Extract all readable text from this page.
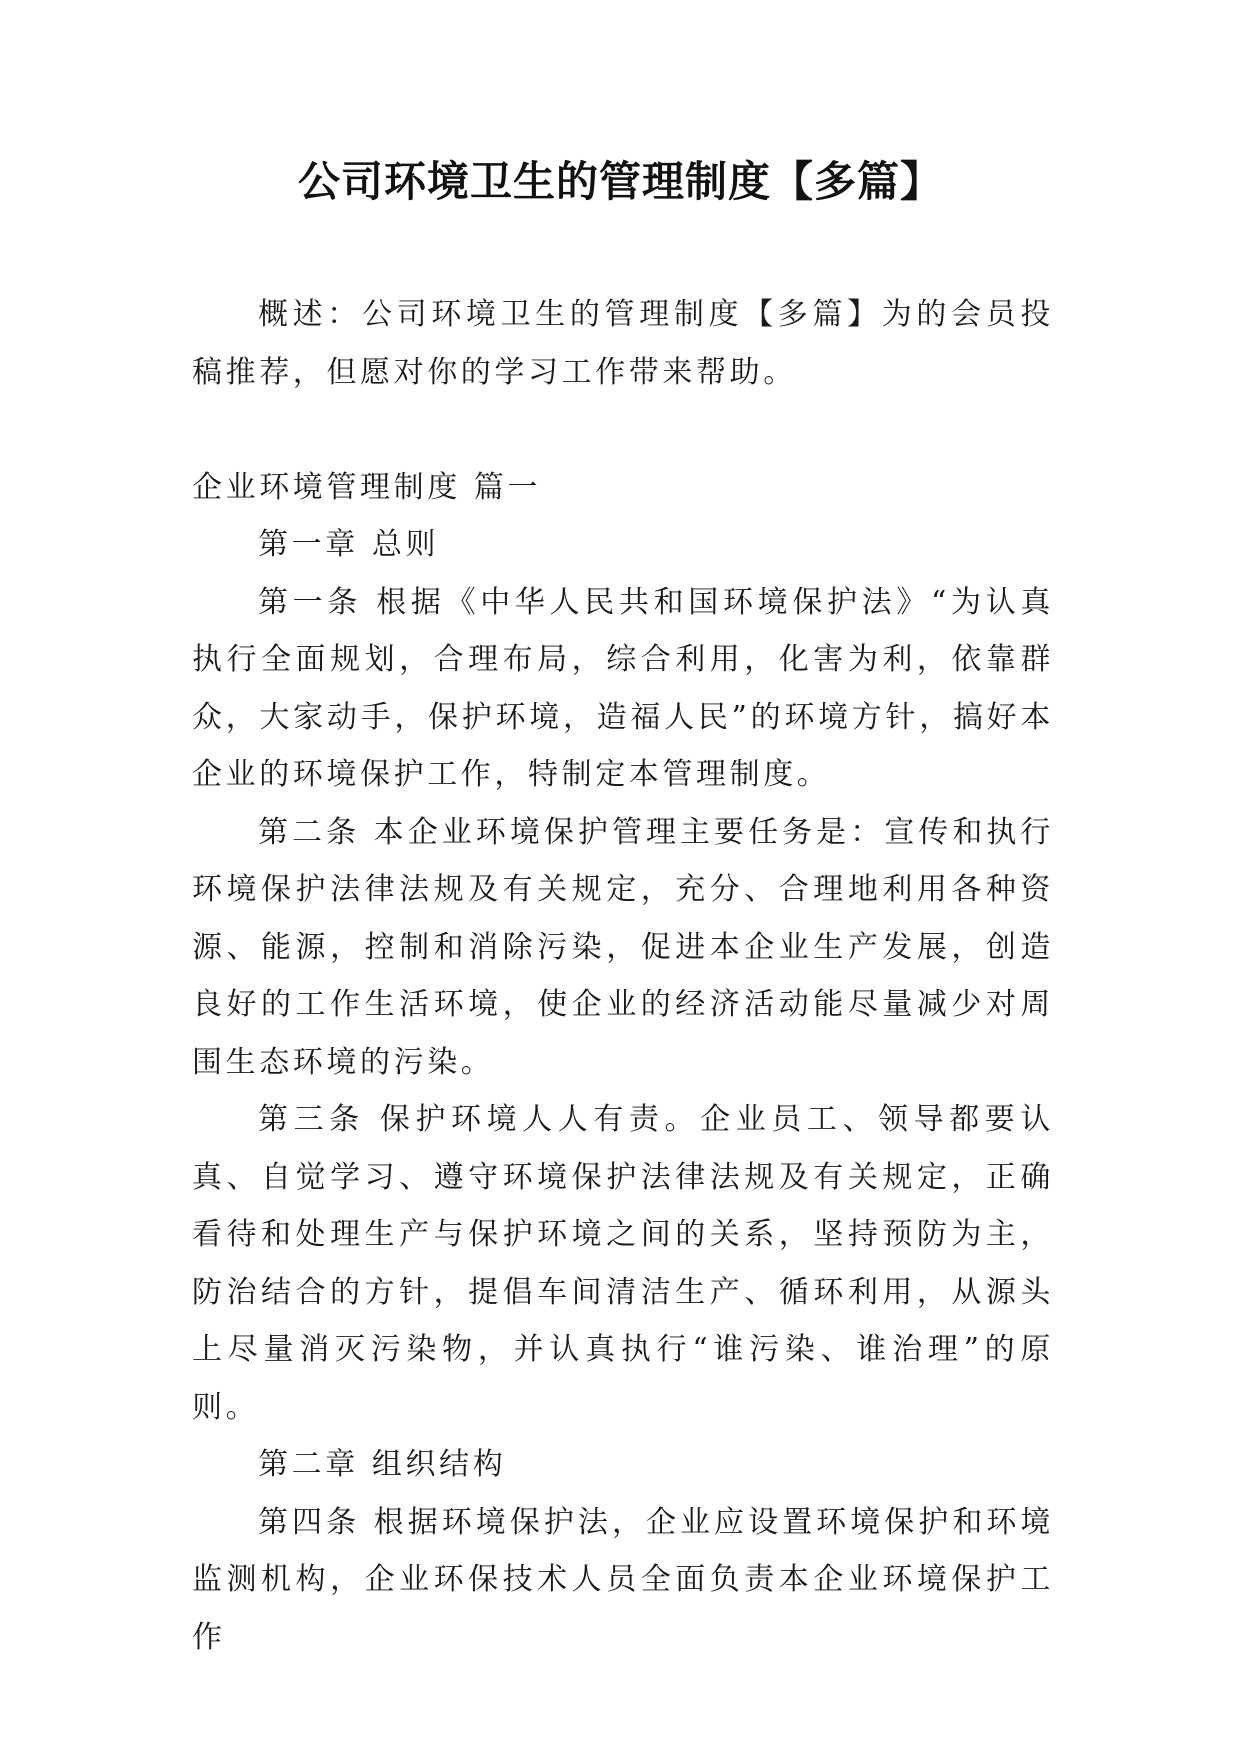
公司环境卫生的管理制度【多篇】

概述：公司环境卫生的管理制度【多篇】为的会员投稿推荐，但愿对你的学习工作带来帮助。

企业环境管理制度 篇一

第一章 总则

第一条 根据《中华人民共和国环境保护法》“为认真执行全面规划，合理布局，综合利用，化害为利，依靠群众，大家动手，保护环境，造福人民”的环境方针，搞好本企业的环境保护工作，特制定本管理制度。

第二条 本企业环境保护管理主要任务是：宣传和执行环境保护法律法规及有关规定，充分、合理地利用各种资源、能源，控制和消除污染，促进本企业生产发展，创造良好的工作生活环境，使企业的经济活动能尽量减少对周围生态环境的污染。

第三条 保护环境人人有责。企业员工、领导都要认真、自觉学习、遵守环境保护法律法规及有关规定，正确看待和处理生产与保护环境之间的关系，坚持预防为主，防治结合的方针，提倡车间清洁生产、循环利用，从源头上尽量消灭污染物，并认真执行“谁污染、谁治理”的原则。

第二章 组织结构

第四条 根据环境保护法，企业应设置环境保护和环境监测机构，企业环保技术人员全面负责本企业环境保护工作
